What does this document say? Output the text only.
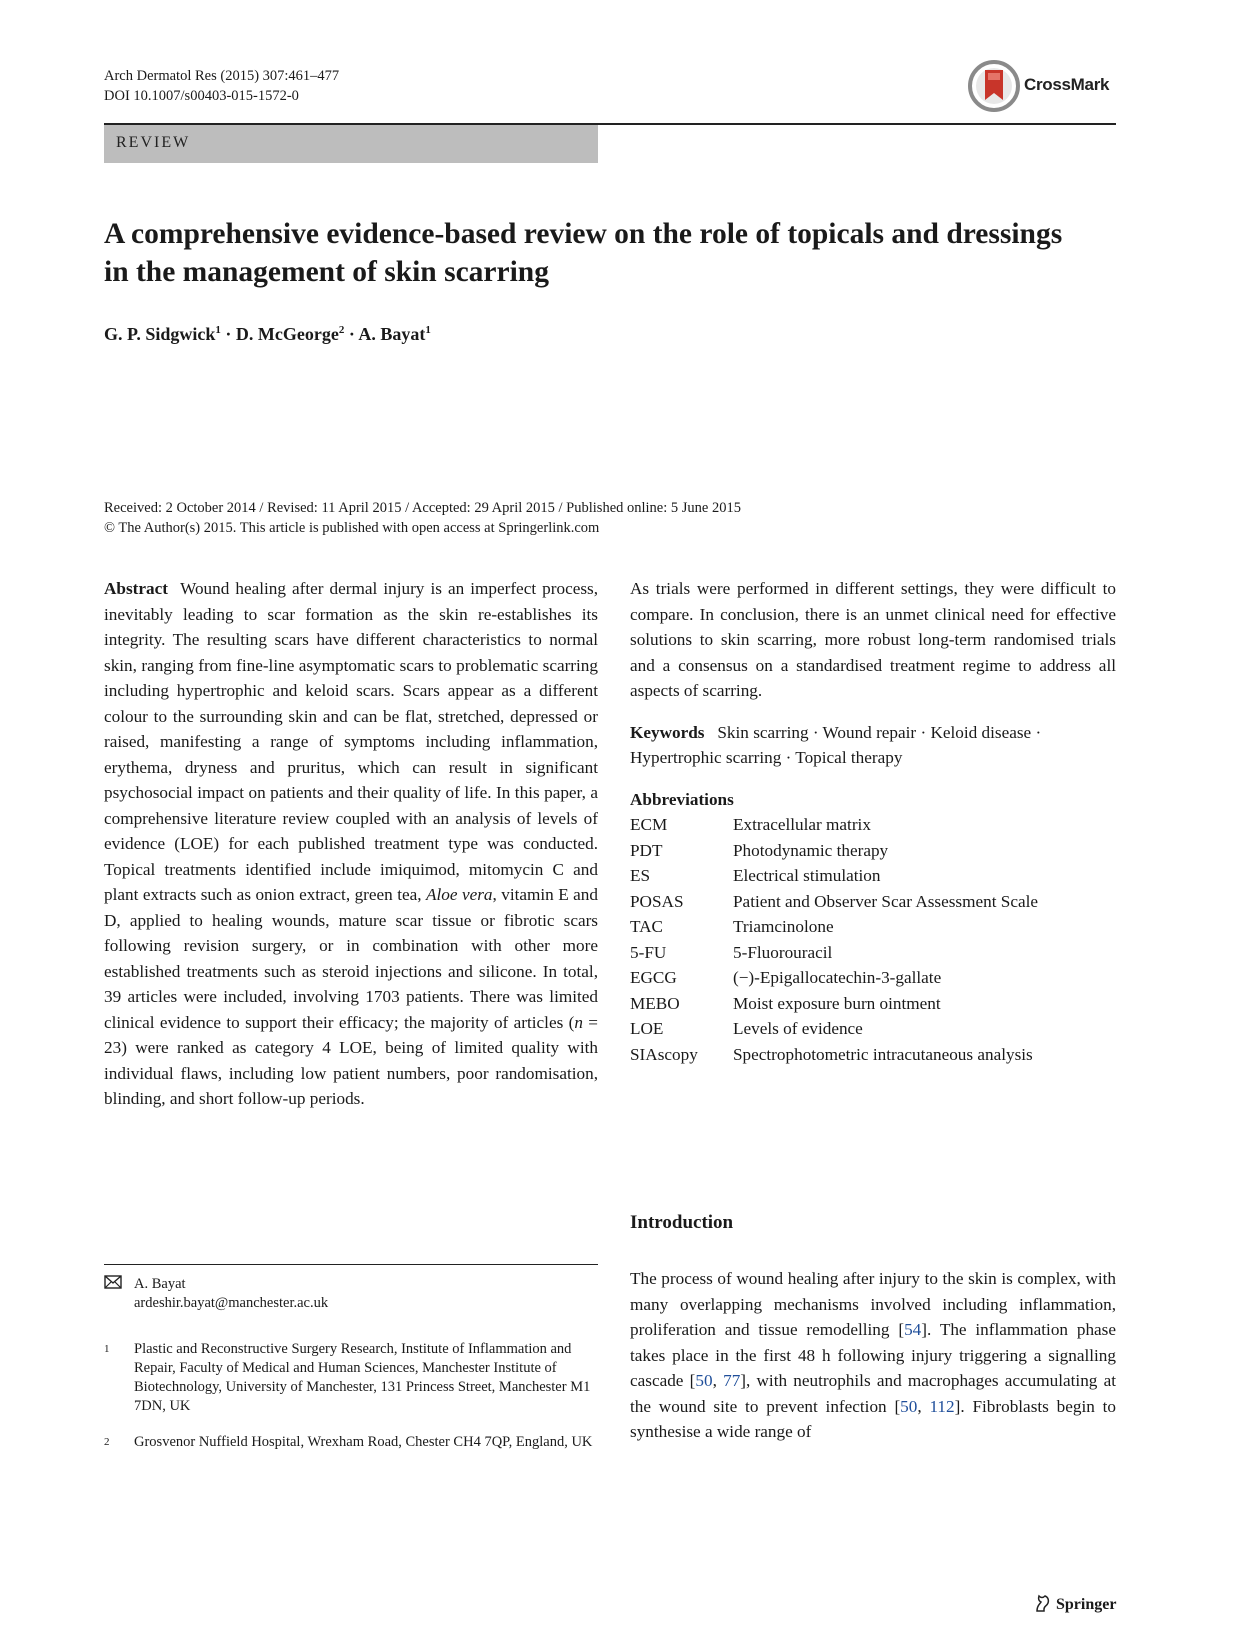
Arch Dermatol Res (2015) 307:461–477
DOI 10.1007/s00403-015-1572-0
CrossMark
REVIEW
A comprehensive evidence-based review on the role of topicals and dressings in the management of skin scarring
G. P. Sidgwick$^1$ · D. McGeorge$^2$ · A. Bayat$^1$
Received: 2 October 2014 / Revised: 11 April 2015 / Accepted: 29 April 2015 / Published online: 5 June 2015
© The Author(s) 2015. This article is published with open access at Springerlink.com
Abstract Wound healing after dermal injury is an imperfect process, inevitably leading to scar formation as the skin re-establishes its integrity. The resulting scars have different characteristics to normal skin, ranging from fine-line asymptomatic scars to problematic scarring including hypertrophic and keloid scars. Scars appear as a different colour to the surrounding skin and can be flat, stretched, depressed or raised, manifesting a range of symptoms including inflammation, erythema, dryness and pruritus, which can result in significant psychosocial impact on patients and their quality of life. In this paper, a comprehensive literature review coupled with an analysis of levels of evidence (LOE) for each published treatment type was conducted. Topical treatments identified include imiquimod, mitomycin C and plant extracts such as onion extract, green tea, Aloe vera, vitamin E and D, applied to healing wounds, mature scar tissue or fibrotic scars following revision surgery, or in combination with other more established treatments such as steroid injections and silicone. In total, 39 articles were included, involving 1703 patients. There was limited clinical evidence to support their efficacy; the majority of articles (n = 23) were ranked as category 4 LOE, being of limited quality with individual flaws, including low patient numbers, poor randomisation, blinding, and short follow-up periods.
As trials were performed in different settings, they were difficult to compare. In conclusion, there is an unmet clinical need for effective solutions to skin scarring, more robust long-term randomised trials and a consensus on a standardised treatment regime to address all aspects of scarring.
Keywords Skin scarring · Wound repair · Keloid disease · Hypertrophic scarring · Topical therapy
Abbreviations
ECM	Extracellular matrix
PDT	Photodynamic therapy
ES	Electrical stimulation
POSAS	Patient and Observer Scar Assessment Scale
TAC	Triamcinolone
5-FU	5-Fluorouracil
EGCG	(−)-Epigallocatechin-3-gallate
MEBO	Moist exposure burn ointment
LOE	Levels of evidence
SIAscopy	Spectrophotometric intracutaneous analysis
Introduction
The process of wound healing after injury to the skin is complex, with many overlapping mechanisms involved including inflammation, proliferation and tissue remodelling [54]. The inflammation phase takes place in the first 48 h following injury triggering a signalling cascade [50, 77], with neutrophils and macrophages accumulating at the wound site to prevent infection [50, 112]. Fibroblasts begin to synthesise a wide range of
A. Bayat
ardeshir.bayat@manchester.ac.uk
1 Plastic and Reconstructive Surgery Research, Institute of Inflammation and Repair, Faculty of Medical and Human Sciences, Manchester Institute of Biotechnology, University of Manchester, 131 Princess Street, Manchester M1 7DN, UK
2 Grosvenor Nuffield Hospital, Wrexham Road, Chester CH4 7QP, England, UK
Springer
